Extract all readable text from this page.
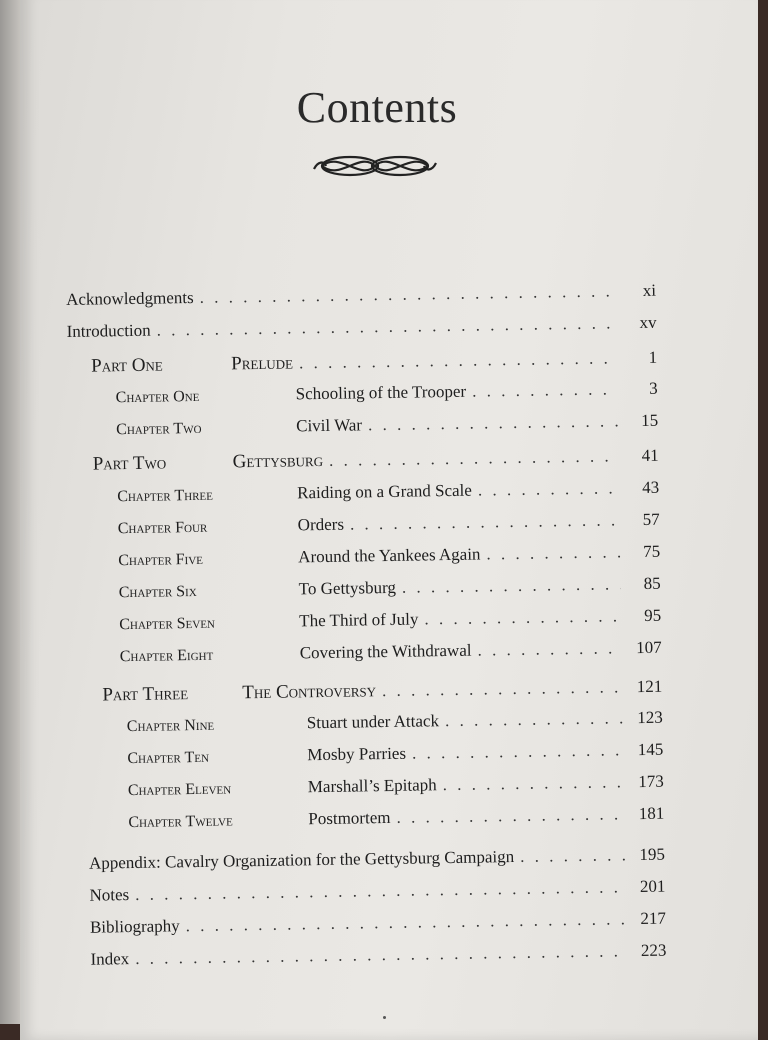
Contents
Acknowledgments . . .	xi
Introduction . . .	xv
Part One	Prelude . . .	1
Chapter One	Schooling of the Trooper . . .	3
Chapter Two	Civil War . . .	15
Part Two	Gettysburg . . .	41
Chapter Three	Raiding on a Grand Scale . . .	43
Chapter Four	Orders . . .	57
Chapter Five	Around the Yankees Again . . .	75
Chapter Six	To Gettysburg . . .	85
Chapter Seven	The Third of July . . .	95
Chapter Eight	Covering the Withdrawal . . .	107
Part Three	The Controversy . . .	121
Chapter Nine	Stuart under Attack . . .	123
Chapter Ten	Mosby Parries . . .	145
Chapter Eleven	Marshall’s Epitaph . . .	173
Chapter Twelve	Postmortem . . .	181
Appendix: Cavalry Organization for the Gettysburg Campaign . . .	195
Notes . . .	201
Bibliography . . .	217
Index . . .	223
